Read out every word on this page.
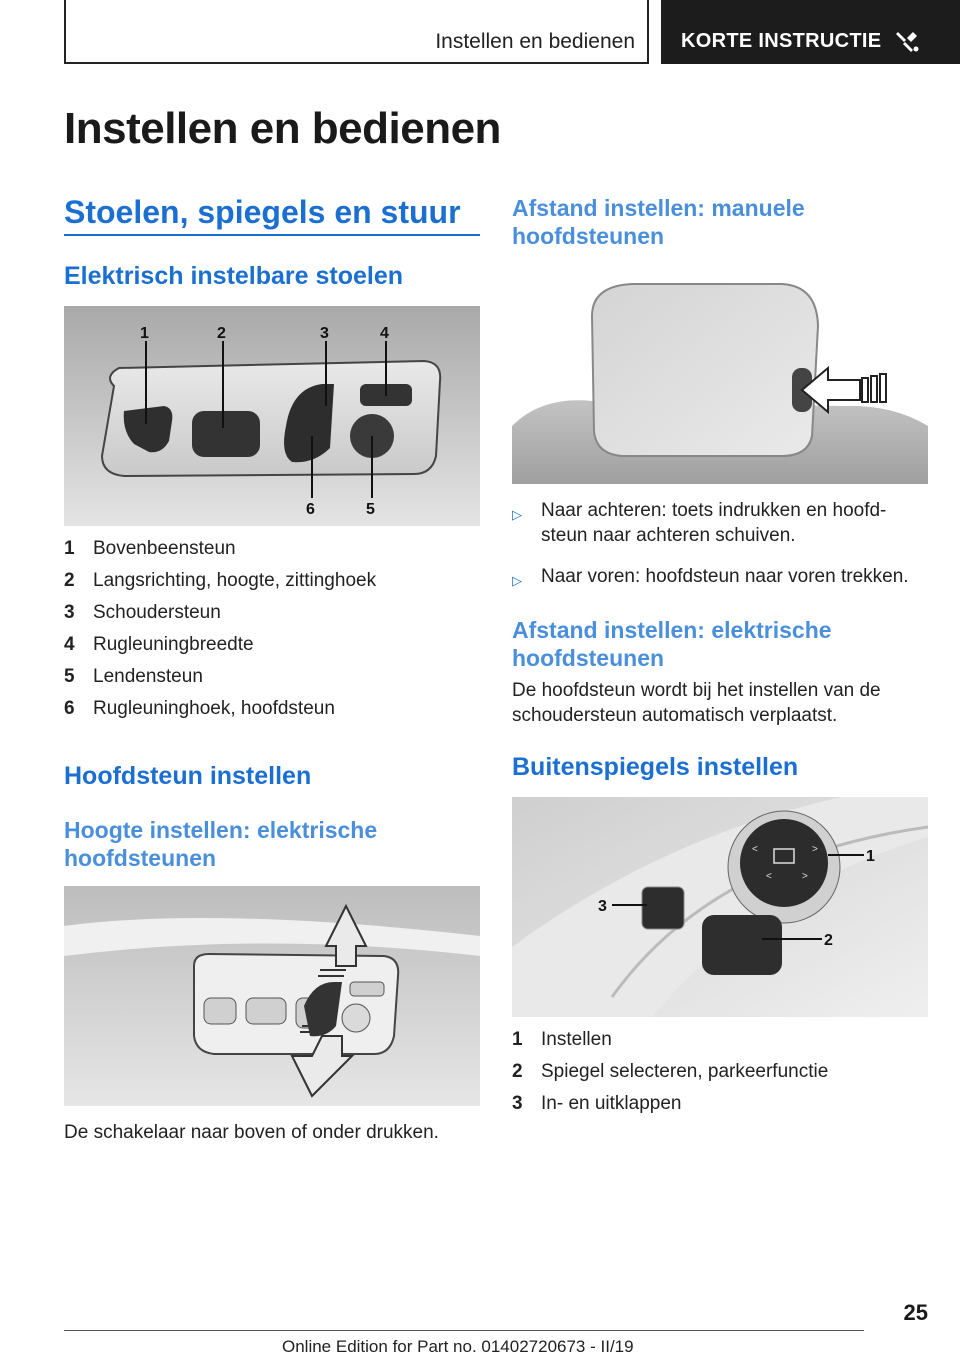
Instellen en bedienen KORTE INSTRUCTIE
Instellen en bedienen
Stoelen, spiegels en stuur
Elektrisch instelbare stoelen
1	2	3	4
6	5
1 Bovenbeensteun
2 Langsrichting, hoogte, zittinghoek
3 Schoudersteun
4 Rugleuningbreedte
5 Lendensteun
6 Rugleuninghoek, hoofdsteun
Hoofdsteun instellen
Hoogte instellen: elektrische hoofdsteunen

De schakelaar naar boven of onder drukken.

Afstand instellen: manuele hoofdsteunen
▷	Naar achteren: toets indrukken en hoofd-steun naar achteren schuiven.
▷	Naar voren: hoofdsteun naar voren trekken.
Afstand instellen: elektrische hoofdsteunen

De hoofdsteun wordt bij het instellen van de schoudersteun automatisch verplaatst.

Buitenspiegels instellen
<	>
<	>
1
3
2
1 Instellen
2 Spiegel selecteren, parkeerfunctie
3 In- en uitklappen
25
Online Edition for Part no. 01402720673 - II/19
